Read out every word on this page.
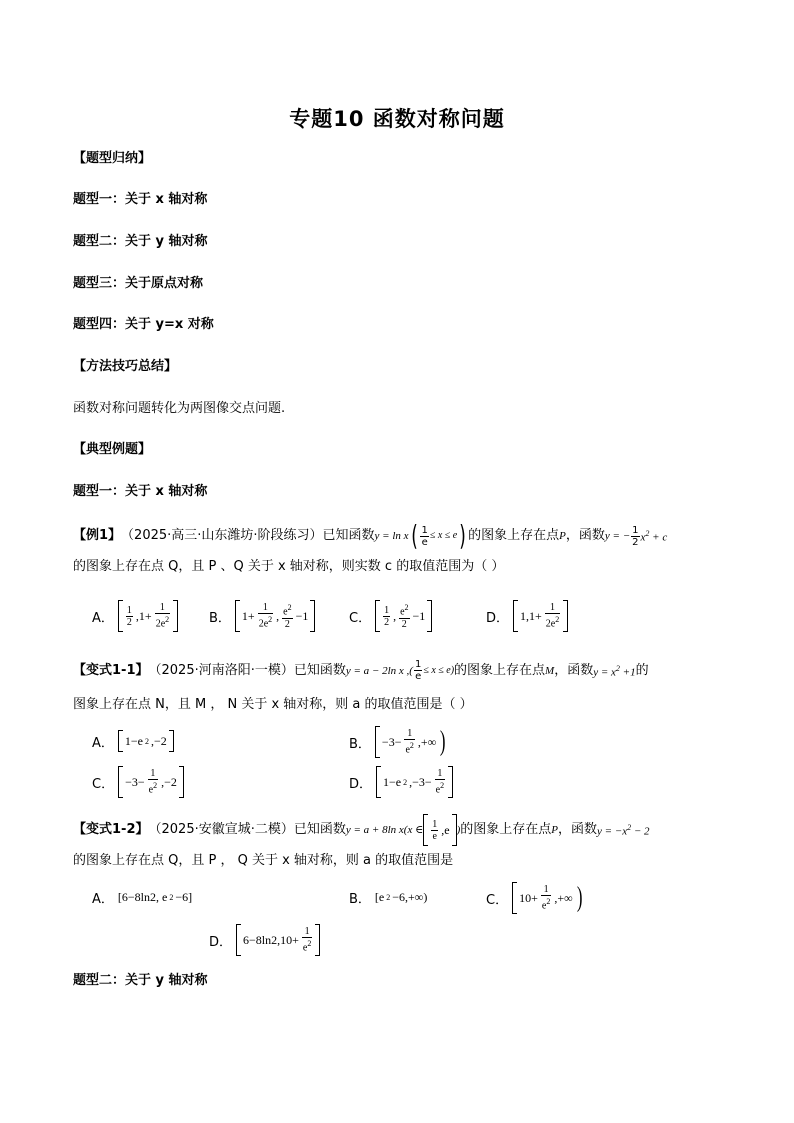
专题10 函数对称问题
【题型归纳】
题型一：关于 x 轴对称
题型二：关于 y 轴对称
题型三：关于原点对称
题型四：关于 y=x 对称
【方法技巧总结】
函数对称问题转化为两图像交点问题.
【典型例题】
题型一：关于 x 轴对称
【例1】 （2025·高三·山东潍坊·阶段练习） 已知函数 y = ln x ( $\frac{1}{e} \le x \le e$ ) 的图象上存在点 P ，函数 y = − $\frac{1}{2} x^2 + c$
的图象上存在点 Q，且 P 、Q 关于 x 轴对称，则实数 c 的取值范围为（ ）
A． $\frac{1}{2} ,1+ \frac{1}{2e^2}$	B． $1+ \frac{1}{2e^2}$ , $\frac{e^2}{2} -1$	C． $\frac{1}{2}$ , $\frac{e^2}{2} -1$	D． $1,1+ \frac{1}{2e^2}$
【变式1-1】 （2025·河南洛阳·一模） 已知函数 y = a − 2ln x ,( $\frac{1}{e} \le x \le e$) 的图象上存在点 M ，函数 $y = x^2 +1$ 的
图象上存在点 N，且 M ， N 关于 x 轴对称，则 a 的取值范围是（ ）
A． 1−e 2 ,−2	B． $-3- \frac{1}{e^2}$ ,+∞ )
C． $-3- \frac{1}{e^2} ,-2$	D． 1−e 2 $,-3- \frac{1}{e^2}$
【变式1-2】 （2025·安徽宣城·二模） 已知函数 y = a + 8ln x(x ∈ $\frac{1}{e} ,e$ ) 的图象上存在点 P ，函数 $y = -x^2 - 2$
的图象上存在点 Q，且 P ， Q 关于 x 轴对称，则 a 的取值范围是
A． [6−8ln2, e 2 −6]	B． [e 2 −6,+∞)	C． $10+ \frac{1}{e^2}$ ,+∞ )
D． $6-8\ln 2,10+ \frac{1}{e^2}$
题型二：关于 y 轴对称
